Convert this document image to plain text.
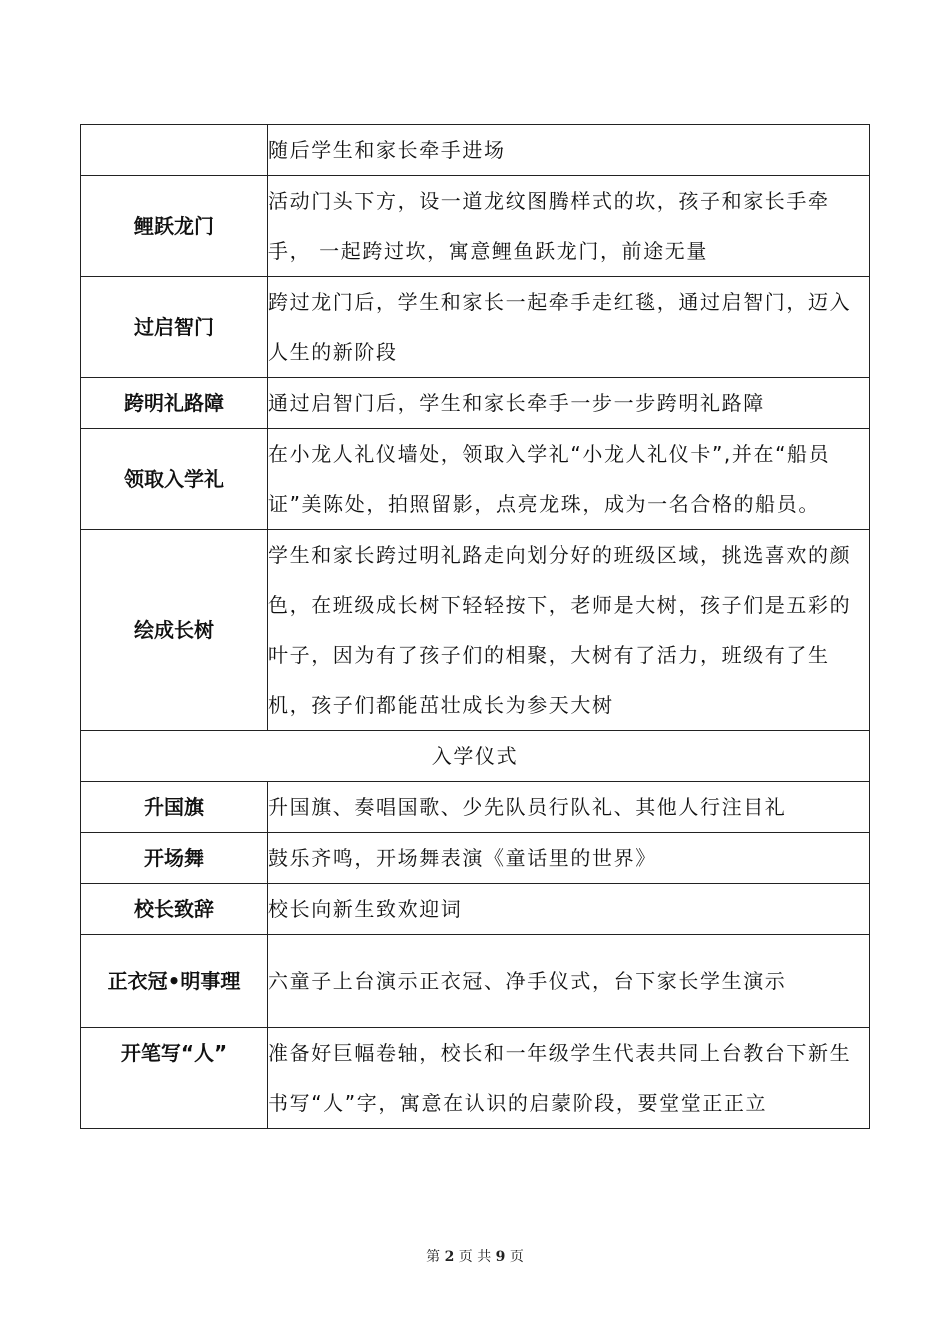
	随后学生和家长牵手进场
鲤跃龙门	活动门头下方，设一道龙纹图腾样式的坎，孩子和家长手牵手， 一起跨过坎，寓意鲤鱼跃龙门，前途无量
过启智门	跨过龙门后，学生和家长一起牵手走红毯，通过启智门，迈入人生的新阶段
跨明礼路障	通过启智门后，学生和家长牵手一步一步跨明礼路障
领取入学礼	在小龙人礼仪墙处，领取入学礼“小龙人礼仪卡”,并在“船员证”美陈处，拍照留影，点亮龙珠，成为一名合格的船员。
绘成长树	学生和家长跨过明礼路走向划分好的班级区域，挑选喜欢的颜色，在班级成长树下轻轻按下，老师是大树，孩子们是五彩的叶子，因为有了孩子们的相聚，大树有了活力，班级有了生机，孩子们都能茁壮成长为参天大树
入学仪式	
升国旗	升国旗、奏唱国歌、少先队员行队礼、其他人行注目礼
开场舞	鼓乐齐鸣，开场舞表演《童话里的世界》
校长致辞	校长向新生致欢迎词
正衣冠•明事理	六童子上台演示正衣冠、净手仪式，台下家长学生演示
开笔写“人”	准备好巨幅卷轴，校长和一年级学生代表共同上台教台下新生书写“人”字，寓意在认识的启蒙阶段，要堂堂正正立
第 2 页 共 9 页
